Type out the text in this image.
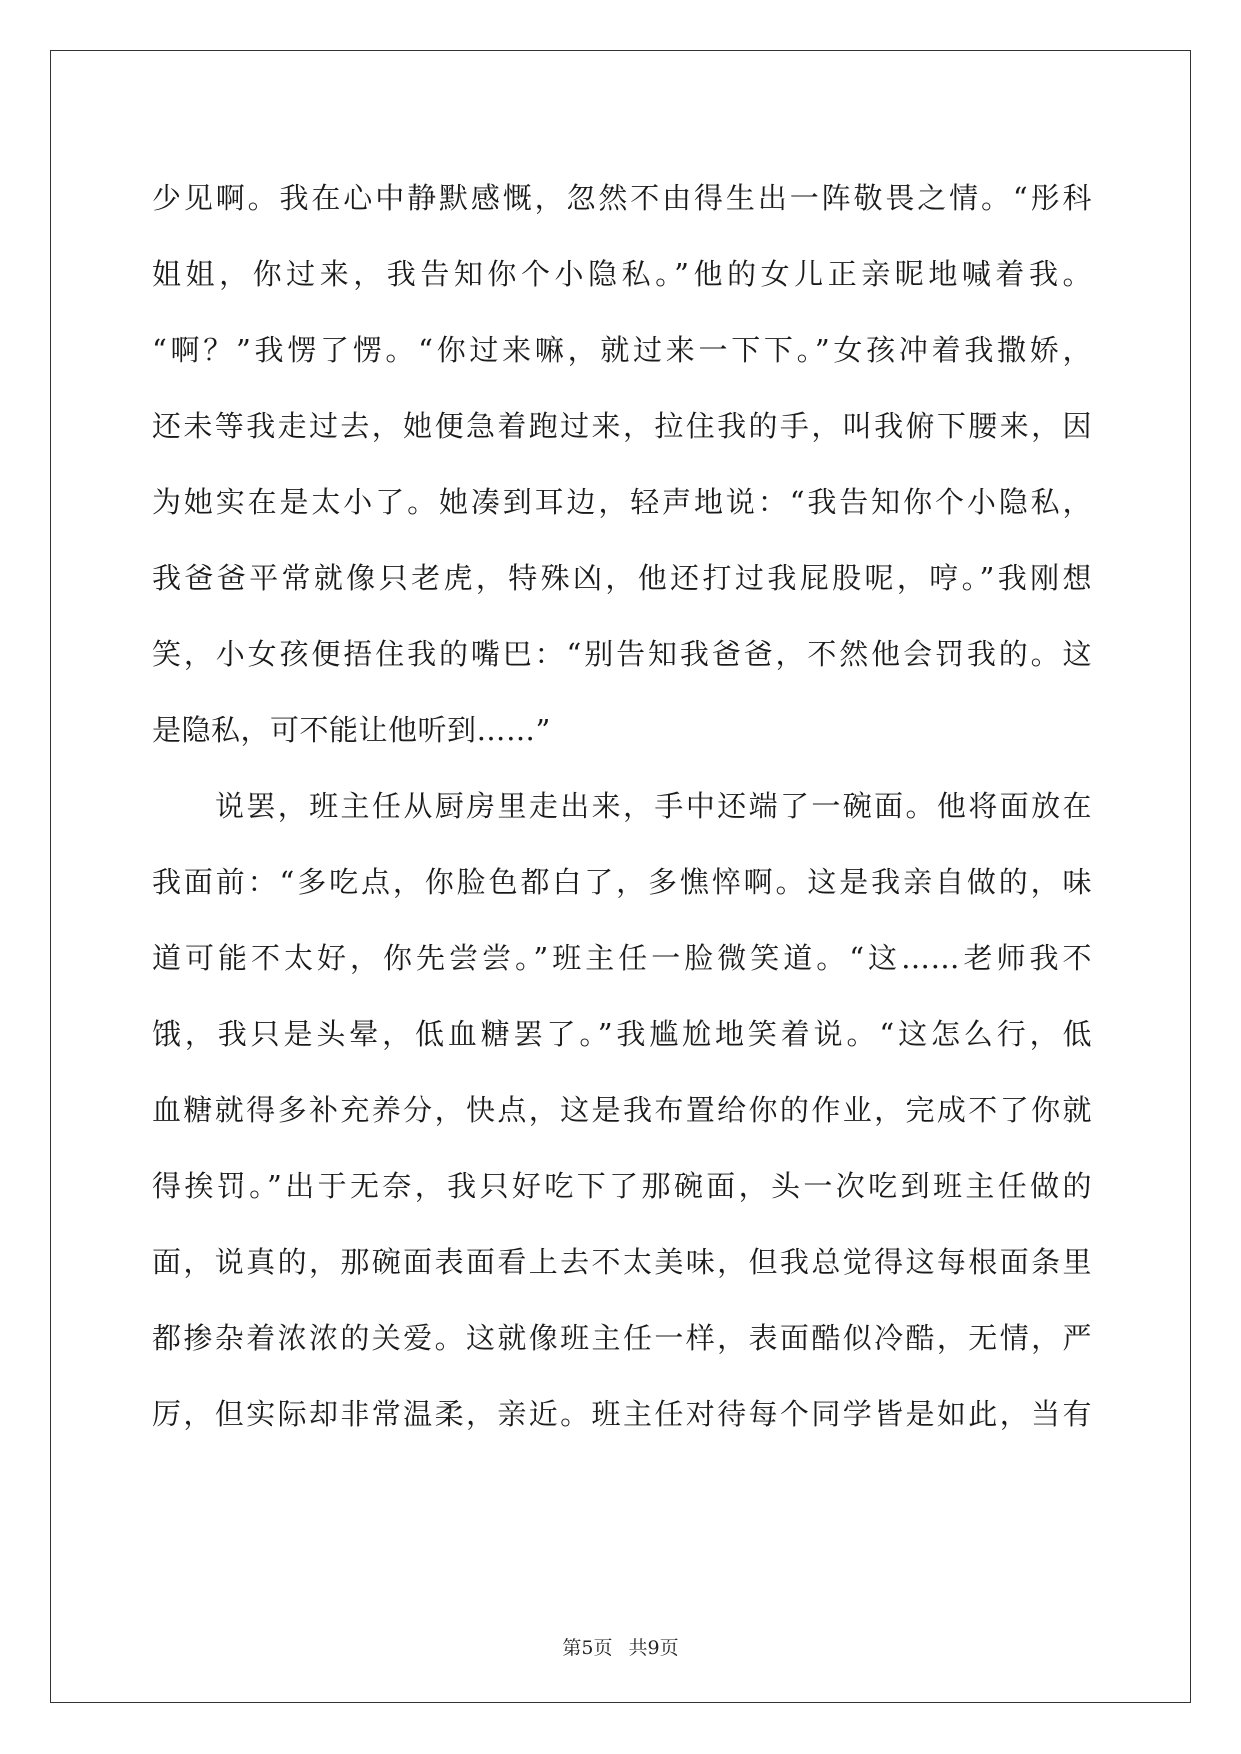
少见啊。我在心中静默感慨，忽然不由得生出一阵敬畏之情。“彤科
姐姐，你过来，我告知你个小隐私。”他的女儿正亲昵地喊着我。
“啊？”我愣了愣。“你过来嘛，就过来一下下。”女孩冲着我撒娇，
还未等我走过去，她便急着跑过来，拉住我的手，叫我俯下腰来，因
为她实在是太小了。她凑到耳边，轻声地说：“我告知你个小隐私，
我爸爸平常就像只老虎，特殊凶，他还打过我屁股呢，哼。”我刚想
笑，小女孩便捂住我的嘴巴：“别告知我爸爸，不然他会罚我的。这
是隐私，可不能让他听到……”
说罢，班主任从厨房里走出来，手中还端了一碗面。他将面放在
我面前：“多吃点，你脸色都白了，多憔悴啊。这是我亲自做的，味
道可能不太好，你先尝尝。”班主任一脸微笑道。“这……老师我不
饿，我只是头晕，低血糖罢了。”我尴尬地笑着说。“这怎么行，低
血糖就得多补充养分，快点，这是我布置给你的作业，完成不了你就
得挨罚。”出于无奈，我只好吃下了那碗面，头一次吃到班主任做的
面，说真的，那碗面表面看上去不太美味，但我总觉得这每根面条里
都掺杂着浓浓的关爱。这就像班主任一样，表面酷似冷酷，无情，严
厉，但实际却非常温柔，亲近。班主任对待每个同学皆是如此，当有
第5页 共9页
